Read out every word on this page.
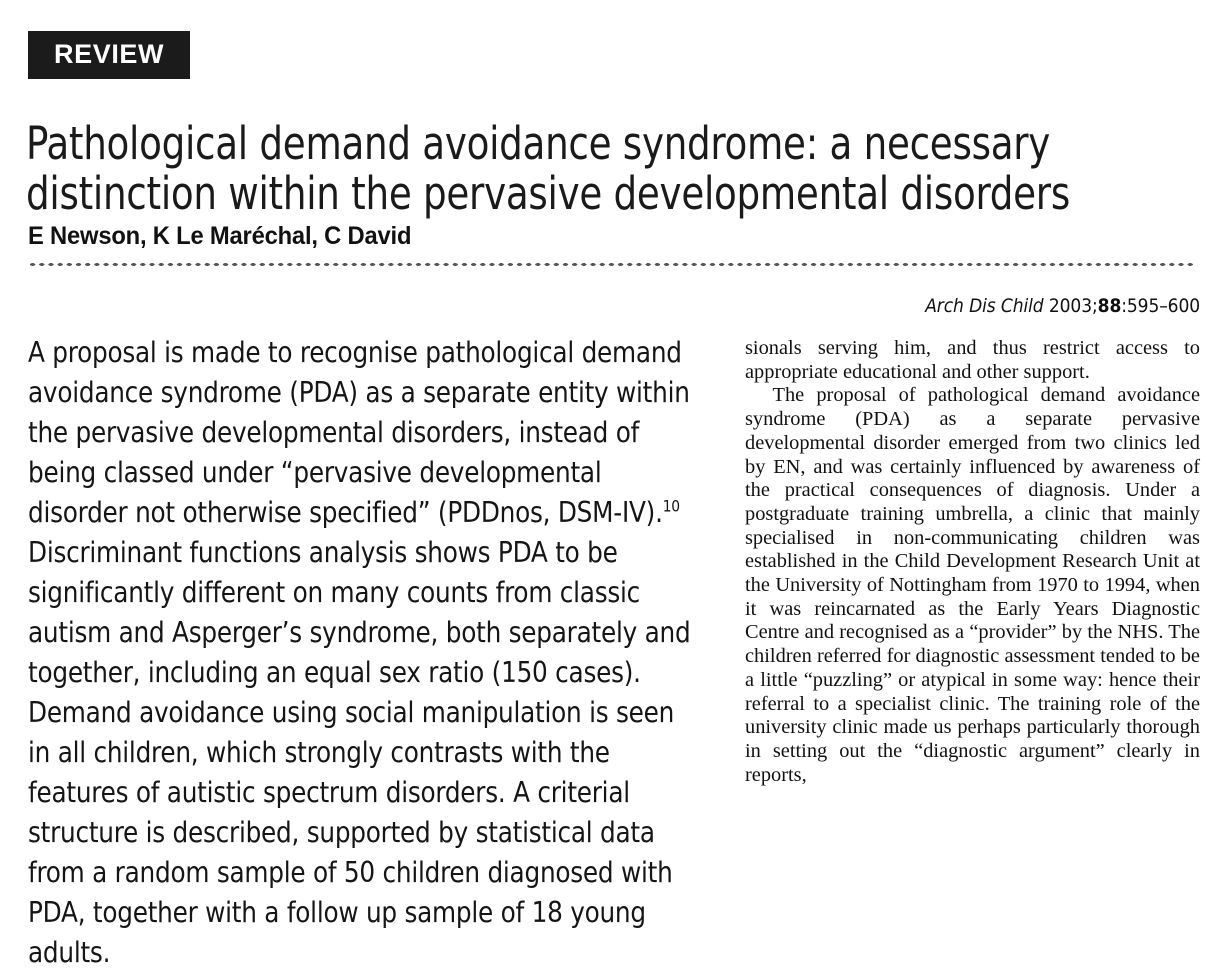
REVIEW
Pathological demand avoidance syndrome: a necessary
distinction within the pervasive developmental disorders
E Newson, K Le Maréchal, C David
Arch Dis Child 2003;88:595–600
A proposal is made to recognise pathological demand avoidance syndrome (PDA) as a separate entity within the pervasive developmental disorders, instead of being classed under “pervasive developmental disorder not otherwise specified” (PDDnos, DSM-IV).$^{10}$ Discriminant functions analysis shows PDA to be significantly different on many counts from classic autism and Asperger’s syndrome, both separately and together, including an equal sex ratio (150 cases). Demand avoidance using social manipulation is seen in all children, which strongly contrasts with the features of autistic spectrum disorders. A criterial structure is described, supported by statistical data from a random sample of 50 children diagnosed with PDA, together with a follow up sample of 18 young adults.

sionals serving him, and thus restrict access to appropriate educational and other support.

The proposal of pathological demand avoidance syndrome (PDA) as a separate pervasive developmental disorder emerged from two clinics led by EN, and was certainly influenced by awareness of the practical consequences of diagnosis. Under a postgraduate training umbrella, a clinic that mainly specialised in non-communicating children was established in the Child Development Research Unit at the University of Nottingham from 1970 to 1994, when it was reincarnated as the Early Years Diagnostic Centre and recognised as a “provider” by the NHS. The children referred for diagnostic assessment tended to be a little “puzzling” or atypical in some way: hence their referral to a specialist clinic. The training role of the university clinic made us perhaps particularly thorough in setting out the “diagnostic argument” clearly in reports,
